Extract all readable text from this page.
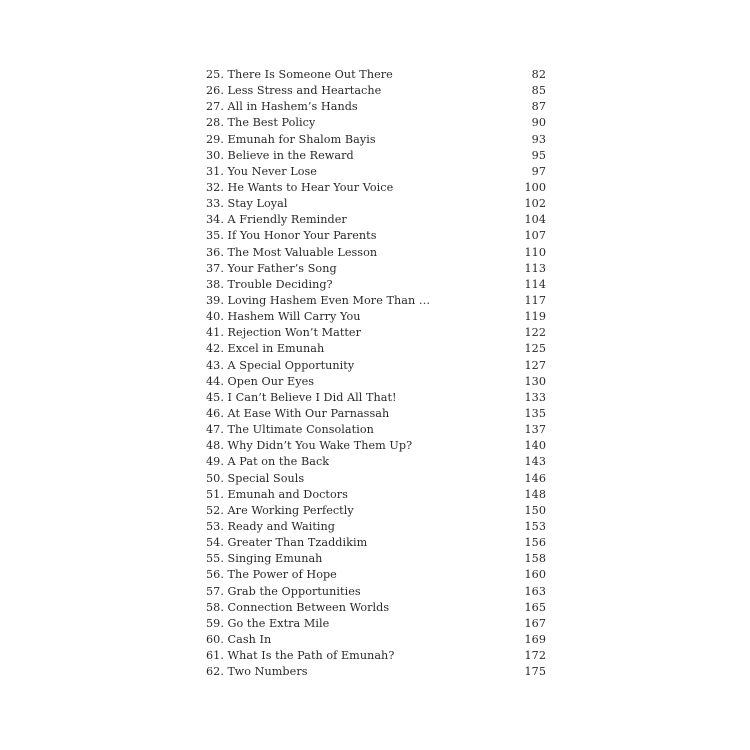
25. There Is Someone Out There	82
26. Less Stress and Heartache	85
27. All in Hashem’s Hands	87
28. The Best Policy	90
29. Emunah for Shalom Bayis	93
30. Believe in the Reward	95
31. You Never Lose	97
32. He Wants to Hear Your Voice	100
33. Stay Loyal	102
34. A Friendly Reminder	104
35. If You Honor Your Parents	107
36. The Most Valuable Lesson	110
37. Your Father’s Song	113
38. Trouble Deciding?	114
39. Loving Hashem Even More Than …	117
40. Hashem Will Carry You	119
41. Rejection Won’t Matter	122
42. Excel in Emunah	125
43. A Special Opportunity	127
44. Open Our Eyes	130
45. I Can’t Believe I Did All That!	133
46. At Ease With Our Parnassah	135
47. The Ultimate Consolation	137
48. Why Didn’t You Wake Them Up?	140
49. A Pat on the Back	143
50. Special Souls	146
51. Emunah and Doctors	148
52. Are Working Perfectly	150
53. Ready and Waiting	153
54. Greater Than Tzaddikim	156
55. Singing Emunah	158
56. The Power of Hope	160
57. Grab the Opportunities	163
58. Connection Between Worlds	165
59. Go the Extra Mile	167
60. Cash In	169
61. What Is the Path of Emunah?	172
62. Two Numbers	175
